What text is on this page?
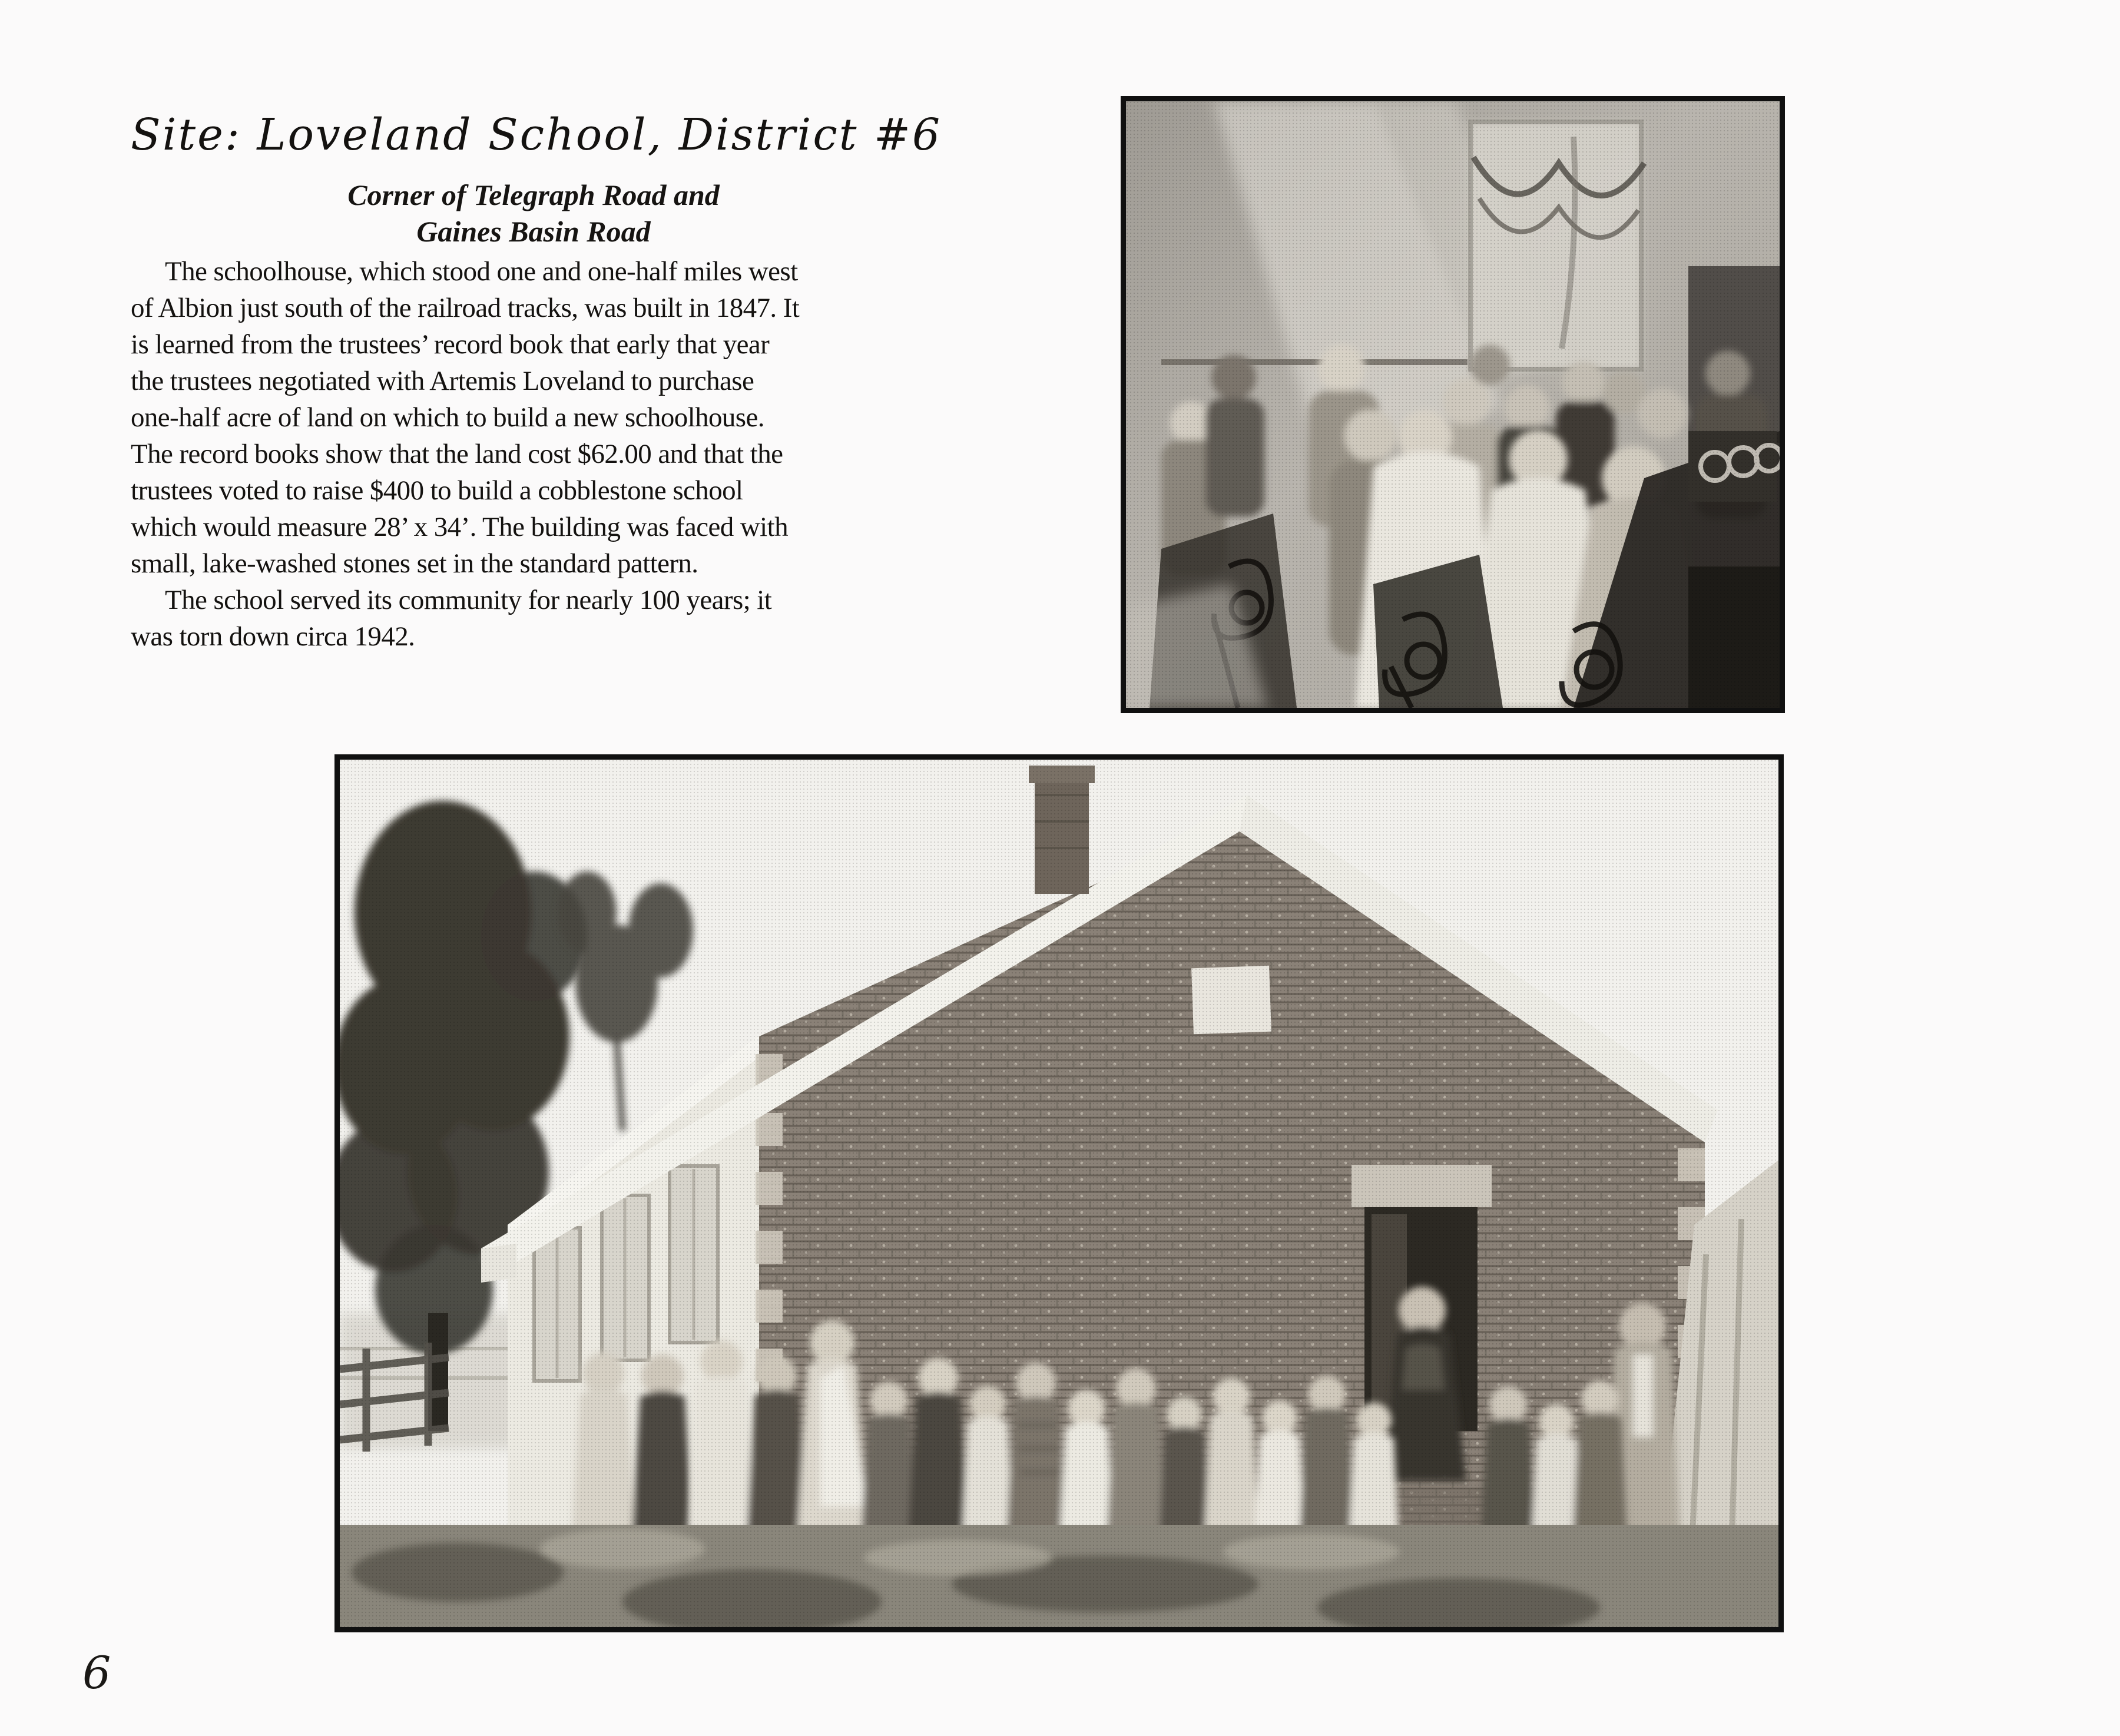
Site: Loveland School, District #6
Corner of Telegraph Road and
Gaines Basin Road
The schoolhouse, which stood one and one-half miles west
of Albion just south of the railroad tracks, was built in 1847. It
is learned from the trustees’ record book that early that year
the trustees negotiated with Artemis Loveland to purchase
one-half acre of land on which to build a new schoolhouse.
The record books show that the land cost $62.00 and that the
trustees voted to raise $400 to build a cobblestone school
which would measure 28’ x 34’. The building was faced with
small, lake-washed stones set in the standard pattern.
The school served its community for nearly 100 years; it
was torn down circa 1942.
6
